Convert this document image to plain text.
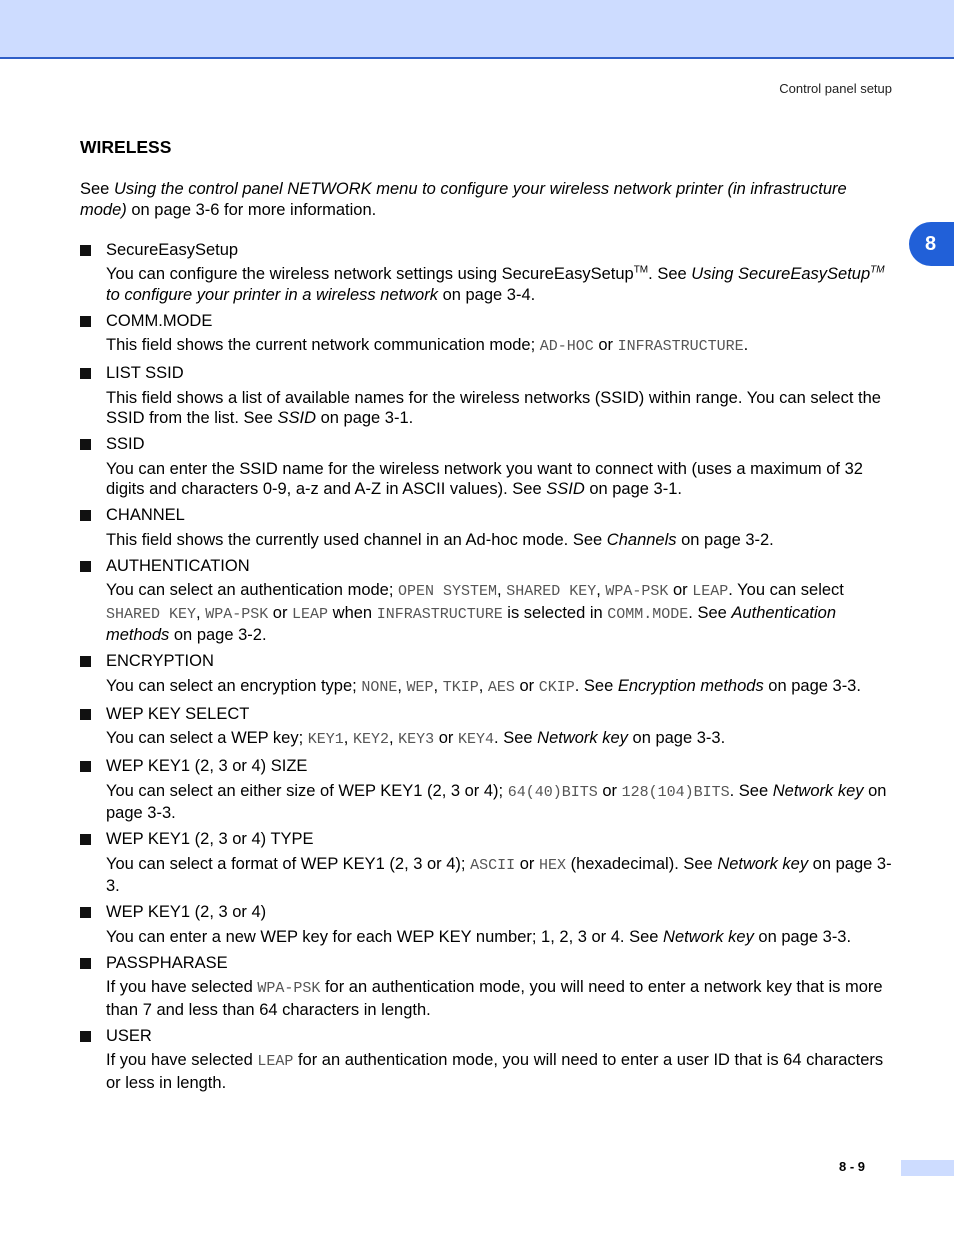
Control panel setup
8
WIRELESS

See Using the control panel NETWORK menu to configure your wireless network printer (in infrastructure mode) on page 3-6 for more information.

SecureEasySetup
You can configure the wireless network settings using SecureEasySetup™. See Using SecureEasySetup™ to configure your printer in a wireless network on page 3-4.
COMM.MODE
This field shows the current network communication mode; AD-HOC or INFRASTRUCTURE.
LIST SSID
This field shows a list of available names for the wireless networks (SSID) within range. You can select the SSID from the list. See SSID on page 3-1.
SSID
You can enter the SSID name for the wireless network you want to connect with (uses a maximum of 32 digits and characters 0-9, a-z and A-Z in ASCII values). See SSID on page 3-1.
CHANNEL
This field shows the currently used channel in an Ad-hoc mode. See Channels on page 3-2.
AUTHENTICATION
You can select an authentication mode; OPEN SYSTEM, SHARED KEY, WPA-PSK or LEAP. You can select SHARED KEY, WPA-PSK or LEAP when INFRASTRUCTURE is selected in COMM.MODE. See Authentication methods on page 3-2.
ENCRYPTION
You can select an encryption type; NONE, WEP, TKIP, AES or CKIP. See Encryption methods on page 3-3.
WEP KEY SELECT
You can select a WEP key; KEY1, KEY2, KEY3 or KEY4. See Network key on page 3-3.
WEP KEY1 (2, 3 or 4) SIZE
You can select an either size of WEP KEY1 (2, 3 or 4); 64(40)BITS or 128(104)BITS. See Network key on page 3-3.
WEP KEY1 (2, 3 or 4) TYPE
You can select a format of WEP KEY1 (2, 3 or 4); ASCII or HEX (hexadecimal). See Network key on page 3-3.
WEP KEY1 (2, 3 or 4)
You can enter a new WEP key for each WEP KEY number; 1, 2, 3 or 4. See Network key on page 3-3.
PASSPHARASE
If you have selected WPA-PSK for an authentication mode, you will need to enter a network key that is more than 7 and less than 64 characters in length.
USER
If you have selected LEAP for an authentication mode, you will need to enter a user ID that is 64 characters or less in length.
8 - 9
